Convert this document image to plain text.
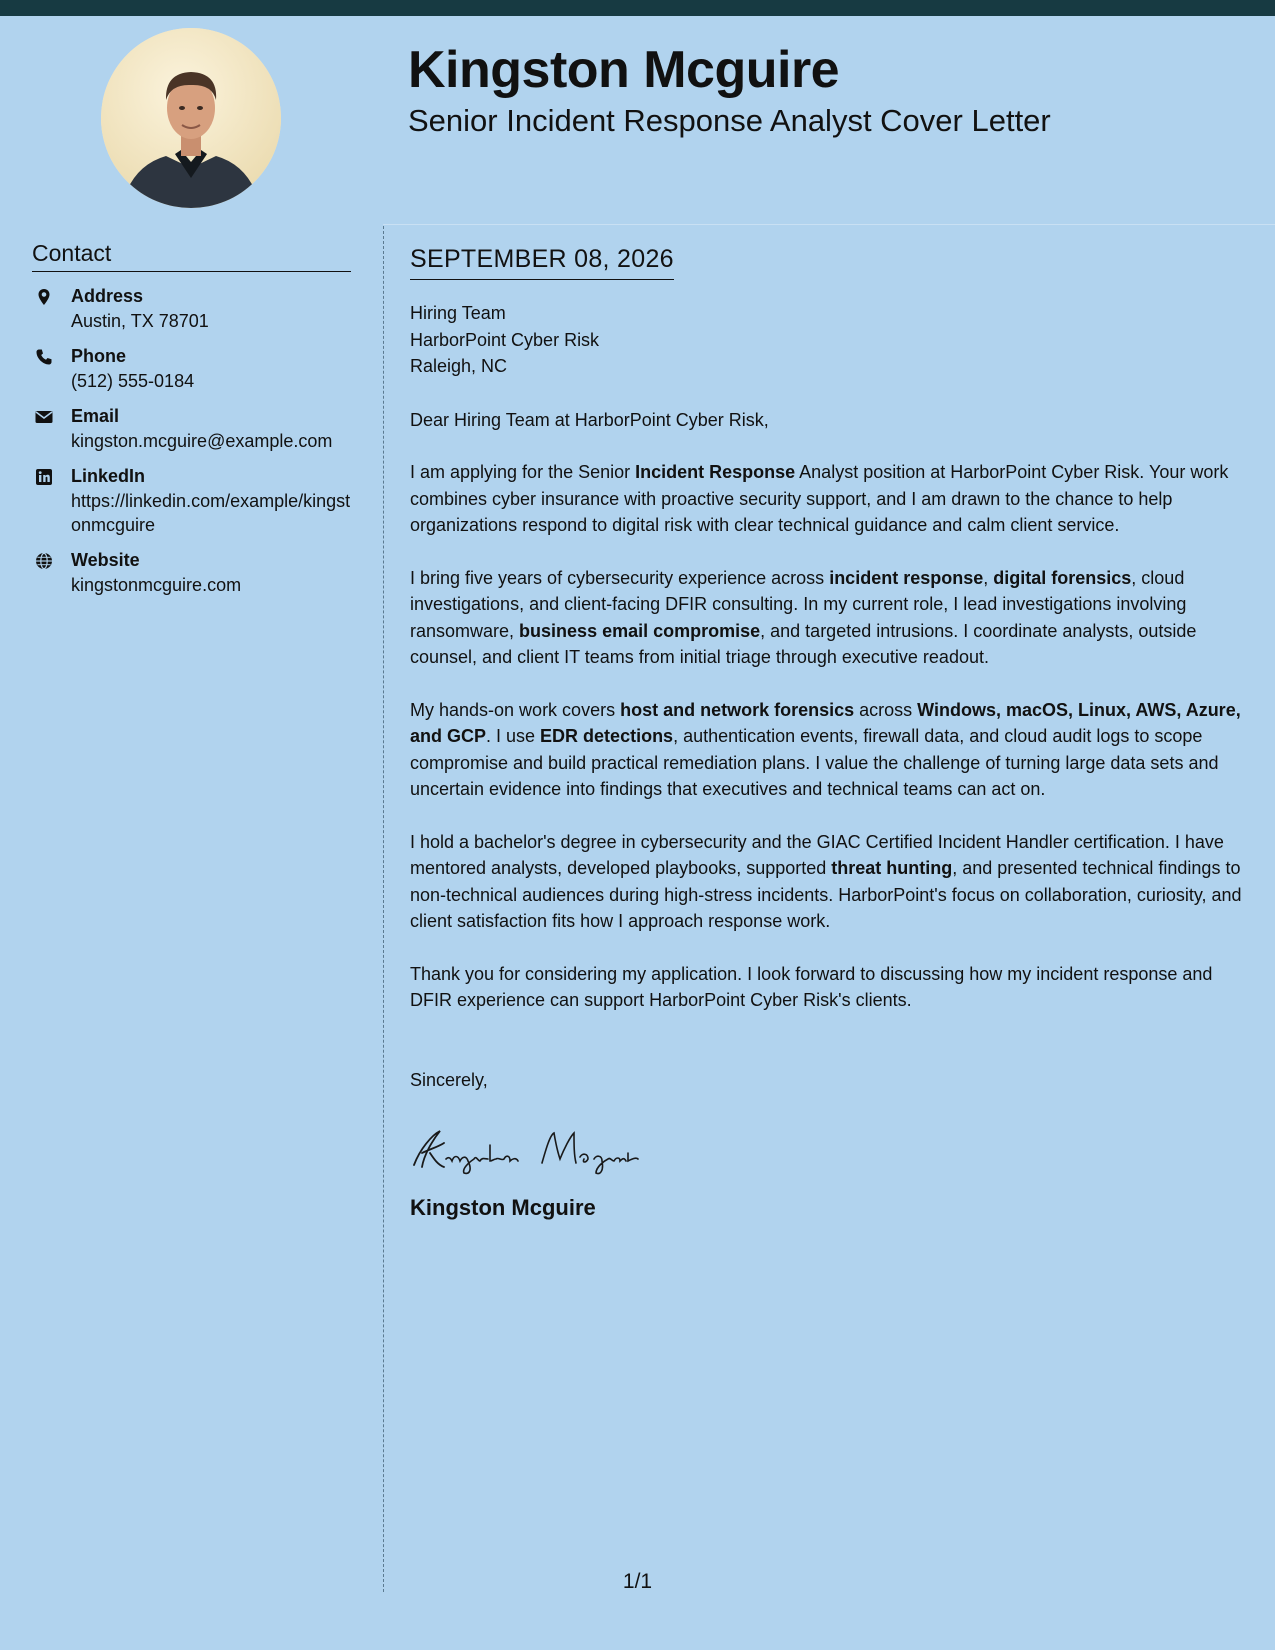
Kingston Mcguire
Senior Incident Response Analyst Cover Letter
Contact
Address
Austin, TX 78701
Phone
(512) 555-0184
Email
kingston.mcguire@example.com
LinkedIn
https://linkedin.com/example/kingstonmcguire
Website
kingstonmcguire.com
SEPTEMBER 08, 2026
Hiring Team
HarborPoint Cyber Risk
Raleigh, NC
Dear Hiring Team at HarborPoint Cyber Risk,
I am applying for the Senior Incident Response Analyst position at HarborPoint Cyber Risk. Your work combines cyber insurance with proactive security support, and I am drawn to the chance to help organizations respond to digital risk with clear technical guidance and calm client service.
I bring five years of cybersecurity experience across incident response, digital forensics, cloud investigations, and client-facing DFIR consulting. In my current role, I lead investigations involving ransomware, business email compromise, and targeted intrusions. I coordinate analysts, outside counsel, and client IT teams from initial triage through executive readout.
My hands-on work covers host and network forensics across Windows, macOS, Linux, AWS, Azure, and GCP. I use EDR detections, authentication events, firewall data, and cloud audit logs to scope compromise and build practical remediation plans. I value the challenge of turning large data sets and uncertain evidence into findings that executives and technical teams can act on.
I hold a bachelor's degree in cybersecurity and the GIAC Certified Incident Handler certification. I have mentored analysts, developed playbooks, supported threat hunting, and presented technical findings to non-technical audiences during high-stress incidents. HarborPoint's focus on collaboration, curiosity, and client satisfaction fits how I approach response work.
Thank you for considering my application. I look forward to discussing how my incident response and DFIR experience can support HarborPoint Cyber Risk's clients.
Sincerely,
Kingston Mcguire
1/1
